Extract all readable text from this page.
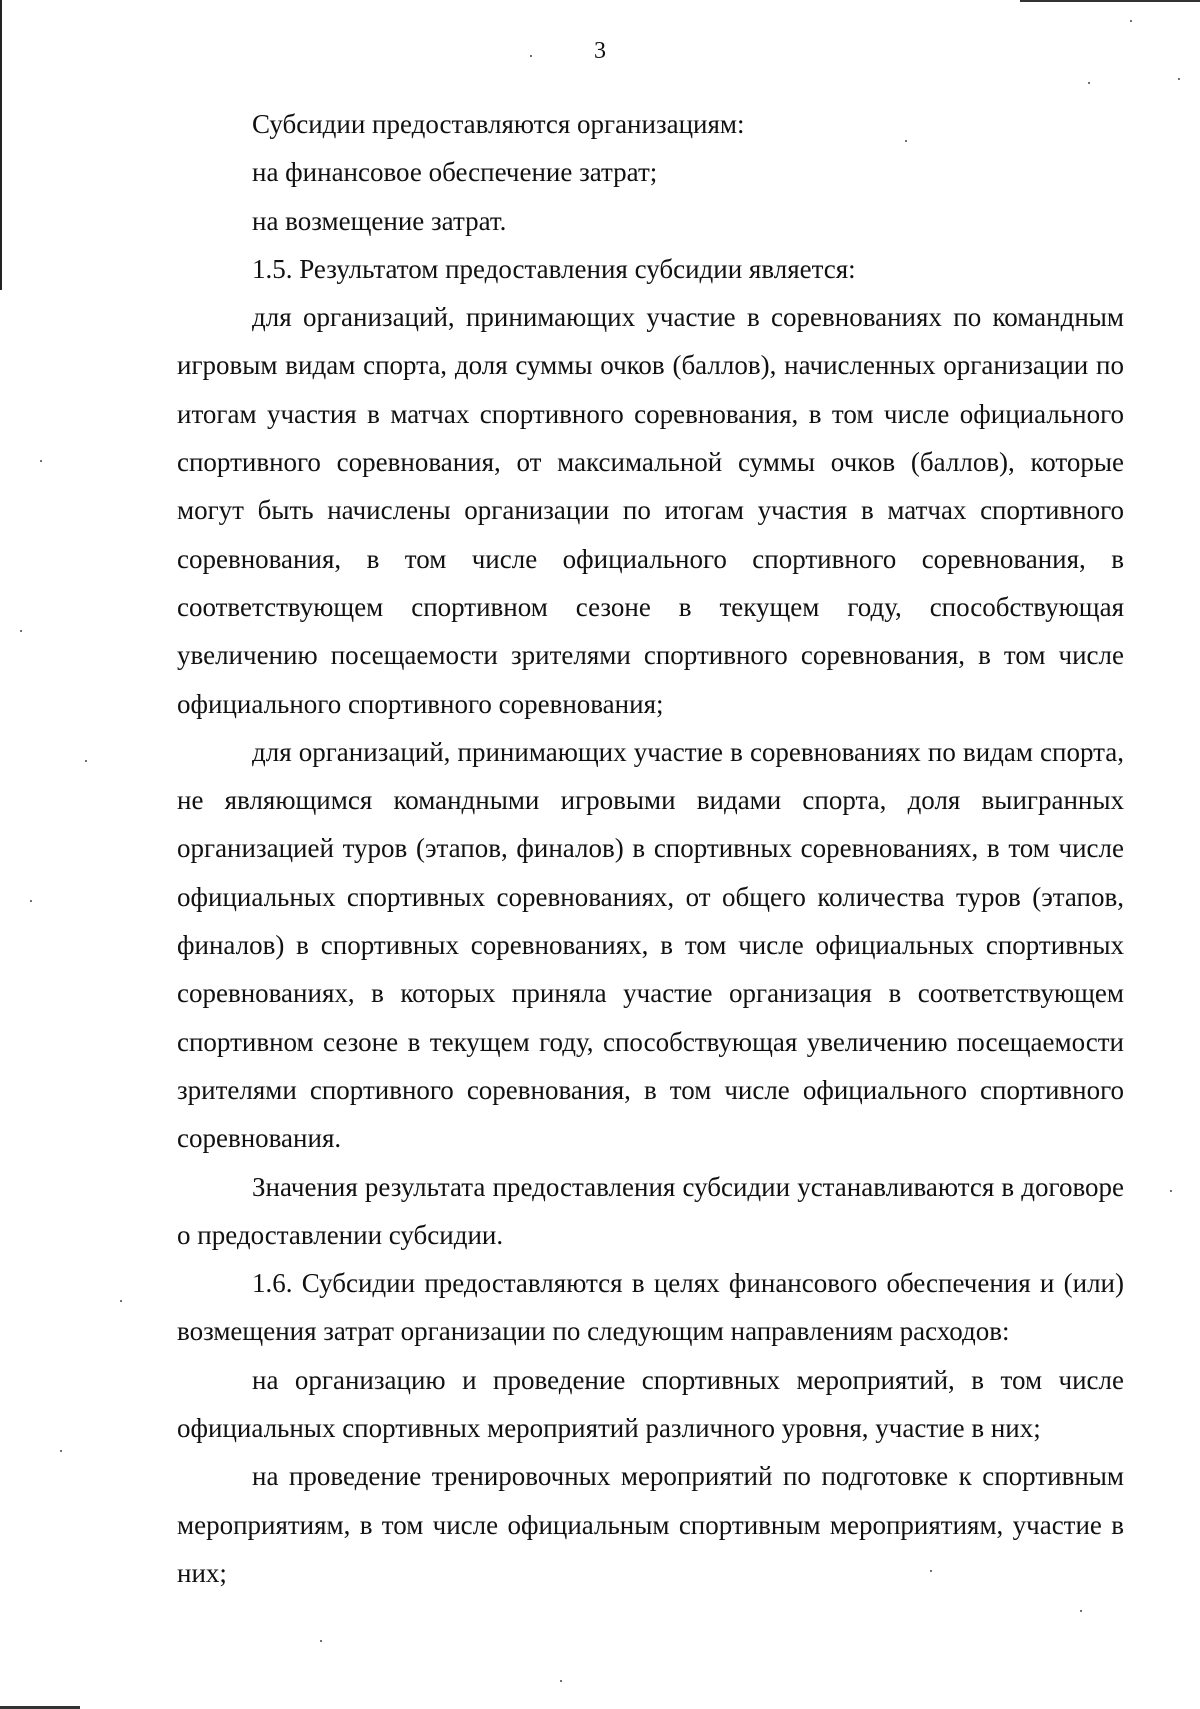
3

Субсидии предоставляются организациям:

на финансовое обеспечение затрат;

на возмещение затрат.

1.5. Результатом предоставления субсидии является:

для организаций, принимающих участие в соревнованиях по командным игровым видам спорта, доля суммы очков (баллов), начисленных организации по итогам участия в матчах спортивного соревнования, в том числе официального спортивного соревнования, от максимальной суммы очков (баллов), которые могут быть начислены организации по итогам участия в матчах спортивного соревнования, в том числе официального спортивного соревнования, в соответствующем спортивном сезоне в текущем году, способствующая увеличению посещаемости зрителями спортивного соревнования, в том числе официального спортивного соревнования;

для организаций, принимающих участие в соревнованиях по видам спорта, не являющимся командными игровыми видами спорта, доля выигранных организацией туров (этапов, финалов) в спортивных соревнованиях, в том числе официальных спортивных соревнованиях, от общего количества туров (этапов, финалов) в спортивных соревнованиях, в том числе официальных спортивных соревнованиях, в которых приняла участие организация в соответствующем спортивном сезоне в текущем году, способствующая увеличению посещаемости зрителями спортивного соревнования, в том числе официального спортивного соревнования.

Значения результата предоставления субсидии устанавливаются в договоре о предоставлении субсидии.

1.6. Субсидии предоставляются в целях финансового обеспечения и (или) возмещения затрат организации по следующим направлениям расходов:

на организацию и проведение спортивных мероприятий, в том числе официальных спортивных мероприятий различного уровня, участие в них;

на проведение тренировочных мероприятий по подготовке к спортивным мероприятиям, в том числе официальным спортивным мероприятиям, участие в них;
